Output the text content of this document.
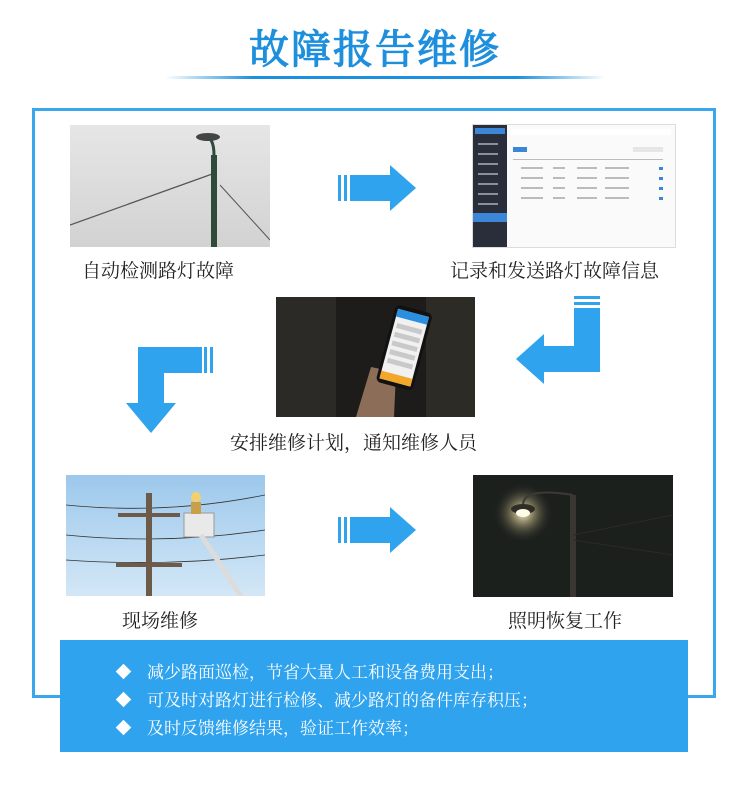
故障报告维修
自动检测路灯故障	记录和发送路灯故障信息
安排维修计划，通知维修人员
现场维修	照明恢复工作
减少路面巡检，节省大量人工和设备费用支出；
可及时对路灯进行检修、减少路灯的备件库存积压；
及时反馈维修结果，验证工作效率；
